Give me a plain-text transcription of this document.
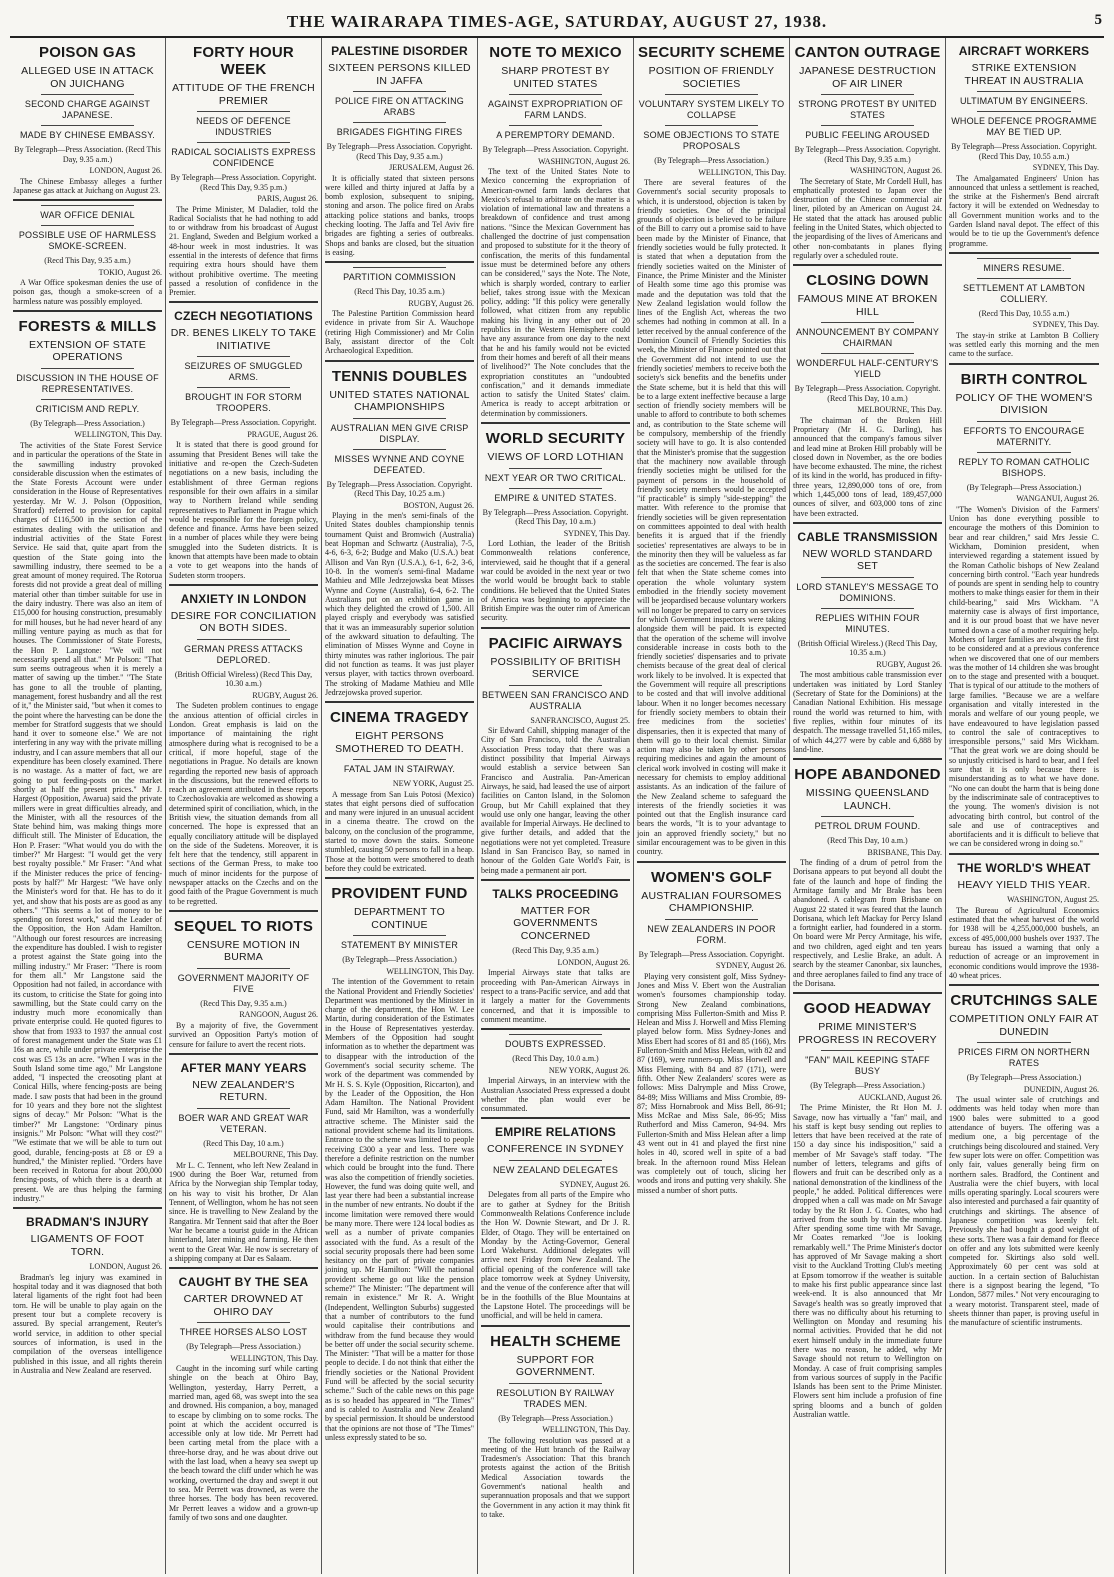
THE WAIRARAPA TIMES-AGE, SATURDAY, AUGUST 27, 1938.	5
POISON GAS
ALLEGED USE IN ATTACK ON JUICHANG
SECOND CHARGE AGAINST JAPANESE.
MADE BY CHINESE EMBASSY.
By Telegraph—Press Association. (Recd This Day, 9.35 a.m.)
LONDON, August 26.
The Chinese Embassy alleges a further Japanese gas attack at Juichang on August 23.
WAR OFFICE DENIAL
POSSIBLE USE OF HARMLESS SMOKE-SCREEN.
(Recd This Day, 9.35 a.m.)
TOKIO, August 26.
A War Office spokesman denies the use of poison gas, though a smoke-screen of a harmless nature was possibly employed.
FORESTS & MILLS
EXTENSION OF STATE OPERATIONS
DISCUSSION IN THE HOUSE OF REPRESENTATIVES.
CRITICISM AND REPLY.
(By Telegraph—Press Association.)
WELLINGTON, This Day.
The activities of the State Forest Service and in particular the operations of the State in the sawmilling industry provoked considerable discussion when the estimates of the State Forests Account were under consideration in the House of Representatives yesterday. Mr W. J. Polson (Opposition, Stratford) referred to provision for capital charges of £116,500 in the section of the estimates dealing with the utilisation and industrial activities of the State Forest Service. He said that, quite apart from the question of the State going into the sawmilling industry, there seemed to be a great amount of money required. The Rotorua forests did not provide a great deal of milling material other than timber suitable for use in the dairy industry. There was also an item of £15,000 for housing construction, presumably for mill houses, but he had never heard of any milling venture paying as much as that for houses. The Commissioner of State Forests, the Hon P. Langstone: "We will not necessarily spend all that." Mr Polson: "That sum seems outrageous when it is merely a matter of sawing up the timber." "The State has gone to all the trouble of planting, management, forest husbandry and all the rest of it," the Minister said, "but when it comes to the point where the harvesting can be done the member for Stratford suggests that we should hand it over to someone else." We are not interfering in any way with the private milling industry, and I can assure members that all our expenditure has been closely examined. There is no wastage. As a matter of fact, we are going to put feeding-posts on the market shortly at half the present prices." Mr J. Hargest (Opposition, Awarua) said the private millers were in great difficulties already, and the Minister, with all the resources of the State behind him, was making things more difficult still. The Minister of Education, the Hon P. Fraser: "What would you do with the timber?" Mr Hargest: "I would get the very best royalty possible." Mr Fraser: "And what if the Minister reduces the price of fencing-posts by half?" Mr Hargest: "We have only the Minister's word for that. He has to do it yet, and show that his posts are as good as any others." "This seems a lot of money to be spending on forest work," said the Leader of the Opposition, the Hon Adam Hamilton. "Although our forest resources are increasing the expenditure has doubled. I wish to register a protest against the State going into the milling industry." Mr Fraser: "There is room for them all." Mr Langstone said the Opposition had not failed, in accordance with its custom, to criticise the State for going into sawmilling, but the State could carry on the industry much more economically than private enterprise could. He quoted figures to show that from 1933 to 1937 the annual cost of forest management under the State was £1 16s an acre, while under private enterprise the cost was £5 13s an acre. "When I was in the South Island some time ago," Mr Langstone added, "I inspected the creosoting plant at Conical Hills, where fencing-posts are being made. I saw posts that had been in the ground for 10 years and they bore not the slightest signs of decay." Mr Polson: "What is the timber?" Mr Langstone: "Ordinary pinus insignis." Mr Polson: "What will they cost?" "We estimate that we will be able to turn out good, durable, fencing-posts at £8 or £9 a hundred," the Minister replied. "Orders have been received in Rotorua for about 200,000 fencing-posts, of which there is a dearth at present. We are thus helping the farming industry."
BRADMAN'S INJURY
LIGAMENTS OF FOOT TORN.
LONDON, August 26.
Bradman's leg injury was examined in hospital today and it was diagnosed that both lateral ligaments of the right foot had been torn. He will be unable to play again on the present tour but a complete recovery is assured. By special arrangement, Reuter's world service, in addition to other special sources of information, is used in the compilation of the overseas intelligence published in this issue, and all rights therein in Australia and New Zealand are reserved.
FORTY HOUR WEEK
ATTITUDE OF THE FRENCH PREMIER
NEEDS OF DEFENCE INDUSTRIES
RADICAL SOCIALISTS EXPRESS CONFIDENCE
By Telegraph—Press Association. Copyright. (Recd This Day, 9.35 p.m.)
PARIS, August 26.
The Prime Minister, M Daladier, told the Radical Socialists that he had nothing to add to or withdraw from his broadcast of August 21. England, Sweden and Belgium worked a 48-hour week in most industries. It was essential in the interests of defence that firms requiring extra hours should have them without prohibitive overtime. The meeting passed a resolution of confidence in the Premier.
CZECH NEGOTIATIONS
DR. BENES LIKELY TO TAKE INITIATIVE
SEIZURES OF SMUGGLED ARMS.
BROUGHT IN FOR STORM TROOPERS.
By Telegraph—Press Association. Copyright.
PRAGUE, August 26.
It is stated that there is good ground for assuming that President Benes will take the initiative and re-open the Czech-Sudeten negotiations on a new basis, including the establishment of three German regions responsible for their own affairs in a similar way to Northern Ireland while sending representatives to Parliament in Prague which would be responsible for the foreign policy, defence and finance. Arms have been seized in a number of places while they were being smuggled into the Sudeten districts. It is known that attempts have been made to obtain a vote to get weapons into the hands of Sudeten storm troopers.
ANXIETY IN LONDON
DESIRE FOR CONCILIATION ON BOTH SIDES.
GERMAN PRESS ATTACKS DEPLORED.
(British Official Wireless) (Recd This Day, 10.30 a.m.)
RUGBY, August 26.
The Sudeten problem continues to engage the anxious attention of official circles in London. Great emphasis is laid on the importance of maintaining the right atmosphere during what is recognised to be a critical, if more hopeful, stage of the negotiations in Prague. No details are known regarding the reported new basis of approach in the discussions, but the renewed efforts to reach an agreement attributed in these reports to Czechoslovakia are welcomed as showing a determined spirit of conciliation, which, in the British view, the situation demands from all concerned. The hope is expressed that an equally conciliatory attitude will be displayed on the side of the Sudetens. Moreover, it is felt here that the tendency, still apparent in sections of the German Press, to make too much of minor incidents for the purpose of newspaper attacks on the Czechs and on the good faith of the Prague Government is much to be regretted.
SEQUEL TO RIOTS
CENSURE MOTION IN BURMA
GOVERNMENT MAJORITY OF FIVE
(Recd This Day, 9.35 a.m.)
RANGOON, August 26.
By a majority of five, the Government survived an Opposition Party's motion of censure for failure to avert the recent riots.
AFTER MANY YEARS
NEW ZEALANDER'S RETURN.
BOER WAR AND GREAT WAR VETERAN.
(Recd This Day, 10 a.m.)
MELBOURNE, This Day.
Mr L. C. Tennent, who left New Zealand in 1900 during the Boer War, returned from Africa by the Norwegian ship Templar today, on his way to visit his brother, Dr Alan Tennent, of Wellington, whom he has not seen since. He is travelling to New Zealand by the Rangatira. Mr Tennent said that after the Boer War he became a tourist guide in the African hinterland, later mining and farming. He then went to the Great War. He now is secretary of a shipping company at Dar es Salaam.
CAUGHT BY THE SEA
CARTER DROWNED AT OHIRO DAY
THREE HORSES ALSO LOST
(By Telegraph—Press Association.)
WELLINGTON, This Day.
Caught in the incoming surf while carting shingle on the beach at Ohiro Bay, Wellington, yesterday, Harry Perrett, a married man, aged 68, was swept into the sea and drowned. His companion, a boy, managed to escape by climbing on to some rocks. The point at which the accident occurred is accessible only at low tide. Mr Perrett had been carting metal from the place with a three-horse dray, and he was about drive out with the last load, when a heavy sea swept up the beach toward the cliff under which he was working, overturned the dray and swept it out to sea. Mr Perrett was drowned, as were the three horses. The body has been recovered. Mr Perrett leaves a widow and a grown-up family of two sons and one daughter.
PALESTINE DISORDER
SIXTEEN PERSONS KILLED IN JAFFA
POLICE FIRE ON ATTACKING ARABS
BRIGADES FIGHTING FIRES
By Telegraph—Press Association. Copyright. (Recd This Day, 9.35 a.m.)
JERUSALEM, August 26.
It is officially stated that sixteen persons were killed and thirty injured at Jaffa by a bomb explosion, subsequent to sniping, stoning and arson. The police fired on Arabs attacking police stations and banks, troops checking looting. The Jaffa and Tel Aviv fire brigades are fighting a series of outbreaks. Shops and banks are closed, but the situation is easing.
PARTITION COMMISSION
(Recd This Day, 10.35 a.m.)
RUGBY, August 26.
The Palestine Partition Commission heard evidence in private from Sir A. Wauchope (retiring High Commissioner) and Mr Colin Baly, assistant director of the Colt Archaeological Expedition.
TENNIS DOUBLES
UNITED STATES NATIONAL CHAMPIONSHIPS
AUSTRALIAN MEN GIVE CRISP DISPLAY.
MISSES WYNNE AND COYNE DEFEATED.
By Telegraph—Press Association. Copyright. (Recd This Day, 10.25 a.m.)
BOSTON, August 26.
Playing in the men's semi-finals of the United States doubles championship tennis tournament Quist and Bromwich (Australia) beat Hopman and Schwartz (Australia), 7-5, 4-6, 6-3, 6-2; Budge and Mako (U.S.A.) beat Allison and Van Ryn (U.S.A.), 6-1, 6-2, 3-6, 10-8. In the women's semi-final Madame Mathieu and Mlle Jedrzejowska beat Misses Wynne and Coyne (Australia), 6-4, 6-2. The Australians put on an exhibition game in which they delighted the crowd of 1,500. All played crisply and everybody was satisfied that it was an immeasurably superior solution of the awkward situation to defaulting. The elimination of Misses Wynne and Coyne in thirty minutes was rather inglorious. The pair did not function as teams. It was just player versus player, with tactics thrown overboard. The stroking of Madame Mathieu and Mlle Jedrzejowska proved superior.
CINEMA TRAGEDY
EIGHT PERSONS SMOTHERED TO DEATH.
FATAL JAM IN STAIRWAY.
NEW YORK, August 25.
A message from San Luis Potosi (Mexico) states that eight persons died of suffocation and many were injured in an unusual accident in a cinema theatre. The crowd on the balcony, on the conclusion of the programme, started to move down the stairs. Someone stumbled, causing 50 persons to fall in a heap. Those at the bottom were smothered to death before they could be extricated.
PROVIDENT FUND
DEPARTMENT TO CONTINUE
STATEMENT BY MINISTER
(By Telegraph—Press Association.)
WELLINGTON, This Day.
The intention of the Government to retain the National Provident and Friendly Societies' Department was mentioned by the Minister in charge of the department, the Hon W. Lee Martin, during consideration of the Estimates in the House of Representatives yesterday. Members of the Opposition had sought information as to whether the department was to disappear with the introduction of the Government's social security scheme. The work of the department was commended by Mr H. S. S. Kyle (Opposition, Riccarton), and by the Leader of the Opposition, the Hon Adam Hamilton. The National Provident Fund, said Mr Hamilton, was a wonderfully attractive scheme. The Minister said the national provident scheme had its limitations. Entrance to the scheme was limited to people receiving £300 a year and less. There was therefore a definite restriction on the number which could be brought into the fund. There was also the competition of friendly societies. However, the fund was doing quite well, and last year there had been a substantial increase in the number of new entrants. No doubt if the income limitation were removed there would be many more. There were 124 local bodies as well as a number of private companies associated with the fund. As a result of the social security proposals there had been some hesitancy on the part of private companies joining up. Mr Hamilton: "Will the national provident scheme go out like the pension scheme?" The Minister: "The department will remain in existence." Mr R. A. Wright (Independent, Wellington Suburbs) suggested that a number of contributors to the fund would capitalise their contributions and withdraw from the fund because they would be better off under the social security scheme. The Minister: "That will be a matter for those people to decide. I do not think that either the friendly societies or the National Provident Fund will be affected by the social security scheme." Such of the cable news on this page as is so headed has appeared in "The Times" and is cabled to Australia and New Zealand by special permission. It should be understood that the opinions are not those of "The Times" unless expressly stated to be so.
NOTE TO MEXICO
SHARP PROTEST BY UNITED STATES
AGAINST EXPROPRIATION OF FARM LANDS.
A PEREMPTORY DEMAND.
By Telegraph—Press Association. Copyright.
WASHINGTON, August 26.
The text of the United States Note to Mexico concerning the expropriation of American-owned farm lands declares that Mexico's refusal to arbitrate on the matter is a violation of international law and threatens a breakdown of confidence and trust among nations. "Since the Mexican Government has challenged the doctrine of just compensation and proposed to substitute for it the theory of confiscation, the merits of this fundamental issue must be determined before any others can be considered," says the Note. The Note, which is sharply worded, contrary to earlier belief, takes strong issue with the Mexican policy, adding: "If this policy were generally followed, what citizen from any republic making his living in any other out of 20 republics in the Western Hemisphere could have any assurance from one day to the next that he and his family would not be evicted from their homes and bereft of all their means of livelihood?" The Note concludes that the expropriation constitutes an "undoubted confiscation," and it demands immediate action to satisfy the United States' claim. America is ready to accept arbitration or determination by commissioners.
WORLD SECURITY
VIEWS OF LORD LOTHIAN
NEXT YEAR OR TWO CRITICAL.
EMPIRE & UNITED STATES.
By Telegraph—Press Association. Copyright. (Recd This Day, 10 a.m.)
SYDNEY, This Day.
Lord Lothian, the leader of the British Commonwealth relations conference, interviewed, said he thought that if a general war could be avoided in the next year or two the world would be brought back to stable conditions. He believed that the United States of America was beginning to appreciate the British Empire was the outer rim of American security.
PACIFIC AIRWAYS
POSSIBILITY OF BRITISH SERVICE
BETWEEN SAN FRANCISCO AND AUSTRALIA
SANFRANCISCO, August 25.
Sir Edward Cahill, shipping manager of the City of San Francisco, told the Australian Association Press today that there was a distinct possibility that Imperial Airways would establish a service between San Francisco and Australia. Pan-American Airways, he said, had leased the use of airport facilities on Canton Island, in the Solomon Group, but Mr Cahill explained that they would use only one hangar, leaving the other available for Imperial Airways. He declined to give further details, and added that the negotiations were not yet completed. Treasure Island in San Francisco Bay, so named in honour of the Golden Gate World's Fair, is being made a permanent air port.
TALKS PROCEEDING
MATTER FOR GOVERNMENTS CONCERNED
(Recd This Day, 9.35 a.m.)
LONDON, August 26.
Imperial Airways state that talks are proceeding with Pan-American Airways in respect to a trans-Pacific service, and add that it largely a matter for the Governments concerned, and that it is impossible to comment meantime.
DOUBTS EXPRESSED.
(Recd This Day, 10.0 a.m.)
NEW YORK, August 26.
Imperial Airways, in an interview with the Australian Associated Press expressed a doubt whether the plan would ever be consummated.
EMPIRE RELATIONS
CONFERENCE IN SYDNEY
NEW ZEALAND DELEGATES
SYDNEY, August 26.
Delegates from all parts of the Empire who are to gather at Sydney for the British Commonwealth Relations Conference include the Hon W. Downie Stewart, and Dr J. R. Elder, of Otago. They will be entertained on Monday by the Acting-Governor, General Lord Wakehurst. Additional delegates will arrive next Friday from New Zealand. The official opening of the conference will take place tomorrow week at Sydney University, and the venue of the conference after that will be in the foothills of the Blue Mountains at the Lapstone Hotel. The proceedings will be unofficial, and will be held in camera.
HEALTH SCHEME
SUPPORT FOR GOVERNMENT.
RESOLUTION BY RAILWAY TRADES MEN.
(By Telegraph—Press Association.)
WELLINGTON, This Day.
The following resolution was passed at a meeting of the Hutt branch of the Railway Tradesmen's Association: That this branch protests against the action of the British Medical Association towards the Government's national health and superannuation proposals and that we support the Government in any action it may think fit to take.
SECURITY SCHEME
POSITION OF FRIENDLY SOCIETIES
VOLUNTARY SYSTEM LIKELY TO COLLAPSE
SOME OBJECTIONS TO STATE PROPOSALS
(By Telegraph—Press Association.)
WELLINGTON, This Day.
There are several features of the Government's social security proposals to which, it is understood, objection is taken by friendly societies. One of the principal grounds of objection is believed to be failure of the Bill to carry out a promise said to have been made by the Minister of Finance, that friendly societies would be fully protected. It is stated that when a deputation from the friendly societies waited on the Minister of Finance, the Prime Minister and the Minister of Health some time ago this promise was made and the deputation was told that the New Zealand legislation would follow the lines of the English Act, whereas the two schemes had nothing in common at all. In a letter received by the annual conference of the Dominion Council of Friendly Societies this week, the Minister of Finance pointed out that the Government did not intend to use the friendly societies' members to receive both the society's sick benefits and the benefits under the State scheme, but it is held that this will be to a large extent ineffective because a large section of friendly society members will be unable to afford to contribute to both schemes and, as contribution to the State scheme will be compulsory, membership of the friendly society will have to go. It is also contended that the Minister's promise that the suggestion that the machinery now available through friendly societies might be utilised for the payment of persons in the household of friendly society members would be accepted "if practicable" is simply "side-stepping" the matter. With reference to the promise that friendly societies will be given representation on committees appointed to deal with health benefits it is argued that if the friendly societies' representatives are always to be in the minority then they will be valueless as far as the societies are concerned. The fear is also felt that when the State scheme comes into operation the whole voluntary system embodied in the friendly society movement will be jeopardised because voluntary workers will no longer be prepared to carry on services for which Government inspectors were taking alongside them will be paid. It is expected that the operation of the scheme will involve considerable increase in costs both to the friendly societies' dispensaries and to private chemists because of the great deal of clerical work likely to be involved. It is expected that the Government will require all prescriptions to be costed and that will involve additional labour. When it no longer becomes necessary for friendly society members to obtain their free medicines from the societies' dispensaries, then it is expected that many of them will go to their local chemist. Similar action may also be taken by other persons requiring medicines and again the amount of clerical work involved in costing will make it necessary for chemists to employ additional assistants. As an indication of the failure of the New Zealand scheme to safeguard the interests of the friendly societies it was pointed out that the English insurance card bears the words, "It is to your advantage to join an approved friendly society," but no similar encouragement was to be given in this country.
WOMEN'S GOLF
AUSTRALIAN FOURSOMES CHAMPIONSHIP.
NEW ZEALANDERS IN POOR FORM.
By Telegraph—Press Association. Copyright.
SYDNEY, August 26.
Playing very consistent golf, Miss Sydney-Jones and Miss V. Ebert won the Australian women's foursomes championship today. Strong New Zealand combinations, comprising Miss Fullerton-Smith and Miss P. Helean and Miss J. Horwell and Miss Fleming played below form. Miss Sydney-Jones and Miss Ebert had scores of 81 and 85 (166), Mrs Fullerton-Smith and Miss Helean, with 82 and 87 (169), were runners-up. Miss Horwell and Miss Fleming, with 84 and 87 (171), were fifth. Other New Zealanders' scores were as follows: Miss Dalrymple and Miss Crowe, 84-89; Miss Williams and Miss Crombie, 89-87; Miss Hornabrook and Miss Bell, 86-91; Miss McRae and Miss Sale, 86-95; Miss Rutherford and Miss Cameron, 94-94. Mrs Fullerton-Smith and Miss Helean after a limp 43 went out in 41 and played the first nine holes in 40, scored well in spite of a bad break. In the afternoon round Miss Helean was completely out of touch, slicing her woods and irons and putting very shakily. She missed a number of short putts.
CANTON OUTRAGE
JAPANESE DESTRUCTION OF AIR LINER
STRONG PROTEST BY UNITED STATES
PUBLIC FEELING AROUSED
By Telegraph—Press Association. Copyright. (Recd This Day, 9.35 a.m.)
WASHINGTON, August 26.
The Secretary of State, Mr Cordell Hull, has emphatically protested to Japan over the destruction of the Chinese commercial air liner, piloted by an American on August 24. He stated that the attack has aroused public feeling in the United States, which objected to the jeopardising of the lives of Americans and other non-combatants in planes flying regularly over a scheduled route.
CLOSING DOWN
FAMOUS MINE AT BROKEN HILL
ANNOUNCEMENT BY COMPANY CHAIRMAN
WONDERFUL HALF-CENTURY'S YIELD
By Telegraph—Press Association. Copyright. (Recd This Day, 10 a.m.)
MELBOURNE, This Day.
The chairman of the Broken Hill Proprietary (Mr H. G. Darling), has announced that the company's famous silver and lead mine at Broken Hill probably will be closed down in November, as the ore bodies have become exhausted. The mine, the richest of its kind in the world, has produced in fifty-three years, 12,890,000 tons of ore, from which 1,445,000 tons of lead, 189,457,000 ounces of silver, and 603,000 tons of zinc have been extracted.
CABLE TRANSMISSION
NEW WORLD STANDARD SET
LORD STANLEY'S MESSAGE TO DOMINIONS.
REPLIES WITHIN FOUR MINUTES.
(British Official Wireless.) (Recd This Day, 10.35 a.m.)
RUGBY, August 26.
The most ambitious cable transmission ever undertaken was initiated by Lord Stanley (Secretary of State for the Dominions) at the Canadian National Exhibition. His message round the world was returned to him, with five replies, within four minutes of its despatch. The message travelled 51,165 miles, of which 44,277 were by cable and 6,888 by land-line.
HOPE ABANDONED
MISSING QUEENSLAND LAUNCH.
PETROL DRUM FOUND.
(Recd This Day, 10 a.m.)
BRISBANE, This Day.
The finding of a drum of petrol from the Dorisana appears to put beyond all doubt the fate of the launch and hope of finding the Armitage family and Mr Brake has been abandoned. A cablegram from Brisbane on August 22 stated it was feared that the launch Dorisana, which left Mackay for Percy Island a fortnight earlier, had foundered in a storm. On board were Mr Percy Armitage, his wife, and two children, aged eight and ten years respectively, and Leslie Brake, an adult. A search by the steamer Canonbar, six launches, and three aeroplanes failed to find any trace of the Dorisana.
GOOD HEADWAY
PRIME MINISTER'S PROGRESS IN RECOVERY
"FAN" MAIL KEEPING STAFF BUSY
(By Telegraph—Press Association.)
AUCKLAND, August 26.
The Prime Minister, the Rt Hon M. J. Savage, now has virtually a "fan" mail, and his staff is kept busy sending out replies to letters that have been received at the rate of 150 a day since his indisposition," said a member of Mr Savage's staff today. "The number of letters, telegrams and gifts of flowers and fruit can be described only as a national demonstration of the kindliness of the people," he added. Political differences were dropped when a call was made on Mr Savage today by the Rt Hon J. G. Coates, who had arrived from the south by train the morning. After spending some time with Mr Savage, Mr Coates remarked "Joe is looking remarkably well." The Prime Minister's doctor has approved of Mr Savage making a short visit to the Auckland Trotting Club's meeting at Epsom tomorrow if the weather is suitable to make his first public appearance since last week-end. It is also announced that Mr Savage's health was so greatly improved that there was no difficulty about his returning to Wellington on Monday and resuming his normal activities. Provided that he did not exert himself unduly in the immediate future there was no reason, he added, why Mr Savage should not return to Wellington on Monday. A case of fruit comprising samples from various sources of supply in the Pacific Islands has been sent to the Prime Minister. Flowers sent him include a profusion of fine spring blooms and a bunch of golden Australian wattle.
AIRCRAFT WORKERS
STRIKE EXTENSION THREAT IN AUSTRALIA
ULTIMATUM BY ENGINEERS.
WHOLE DEFENCE PROGRAMME MAY BE TIED UP.
By Telegraph—Press Association. Copyright. (Recd This Day, 10.55 a.m.)
SYDNEY, This Day.
The Amalgamated Engineers' Union has announced that unless a settlement is reached, the strike at the Fishermen's Bend aircraft factory it will be extended on Wednesday to all Government munition works and to the Garden Island naval depot. The effect of this would be to tie up the Government's defence programme.
MINERS RESUME.
SETTLEMENT AT LAMBTON COLLIERY.
(Recd This Day, 10.55 a.m.)
SYDNEY, This Day.
The stay-in strike at Lambton B Colliery was settled early this morning and the men came to the surface.
BIRTH CONTROL
POLICY OF THE WOMEN'S DIVISION
EFFORTS TO ENCOURAGE MATERNITY.
REPLY TO ROMAN CATHOLIC BISHOPS.
(By Telegraph—Press Association.)
WANGANUI, August 26.
"The Women's Division of the Farmers' Union has done everything possible to encourage the mothers of this Dominion to bear and rear children," said Mrs Jessie C. Wickham, Dominion president, when interviewed regarding a statement issued by the Roman Catholic bishops of New Zealand concerning birth control. "Each year hundreds of pounds are spent in sending help to country mothers to make things easier for them in their child-bearing," said Mrs Wickham. "A maternity case is always of first importance, and it is our proud boast that we have never turned down a case of a mother requiring help. Mothers of larger families are always the first to be considered and at a previous conference when we discovered that one of our members was the mother of 14 children she was brought on to the stage and presented with a bouquet. That is typical of our attitude to the mothers of large families. "Because we are a welfare organisation and vitally interested in the morals and welfare of our young people, we have endeavoured to have legislation passed to control the sale of contraceptives to irresponsible persons," said Mrs Wickham. "That the great work we are doing should be so unjustly criticised is hard to bear, and I feel sure that it is only because there is misunderstanding as to what we have done. "No one can doubt the harm that is being done by the indiscriminate sale of contraceptives to the young. The women's division is not advocating birth control, but control of the sale and use of contraceptives and abortifacients and it is difficult to believe that we can be considered wrong in doing so."
THE WORLD'S WHEAT
HEAVY YIELD THIS YEAR.
WASHINGTON, August 25.
The Bureau of Agricultural Economics estimated that the wheat harvest of the world for 1938 will be 4,255,000,000 bushels, an excess of 495,000,000 bushels over 1937. The bureau has issued a warning that only a reduction of acreage or an improvement in economic conditions would improve the 1938-40 wheat prices.
CRUTCHINGS SALE
COMPETITION ONLY FAIR AT DUNEDIN
PRICES FIRM ON NORTHERN RATES
(By Telegraph—Press Association.)
DUNEDIN, August 26.
The usual winter sale of crutchings and oddments was held today when more than 1900 bales were submitted to a good attendance of buyers. The offering was a medium one, a big percentage of the crutchings being discoloured and stained. Very few super lots were on offer. Competition was only fair, values generally being firm on northern sales. Bradford, the Continent and Australia were the chief buyers, with local mills operating sparingly. Local scourers were also interested and purchased a fair quantity of crutchings and skirtings. The absence of Japanese competition was keenly felt. Previously she had bought a good weight of these sorts. There was a fair demand for fleece on offer and any lots submitted were keenly competed for. Skirtings also sold well. Approximately 60 per cent was sold at auction. In a certain section of Baluchistan there is a signpost bearing the legend, "To London, 5877 miles." Not very encouraging to a weary motorist. Transparent steel, made of sheets thinner than paper, is proving useful in the manufacture of scientific instruments.
